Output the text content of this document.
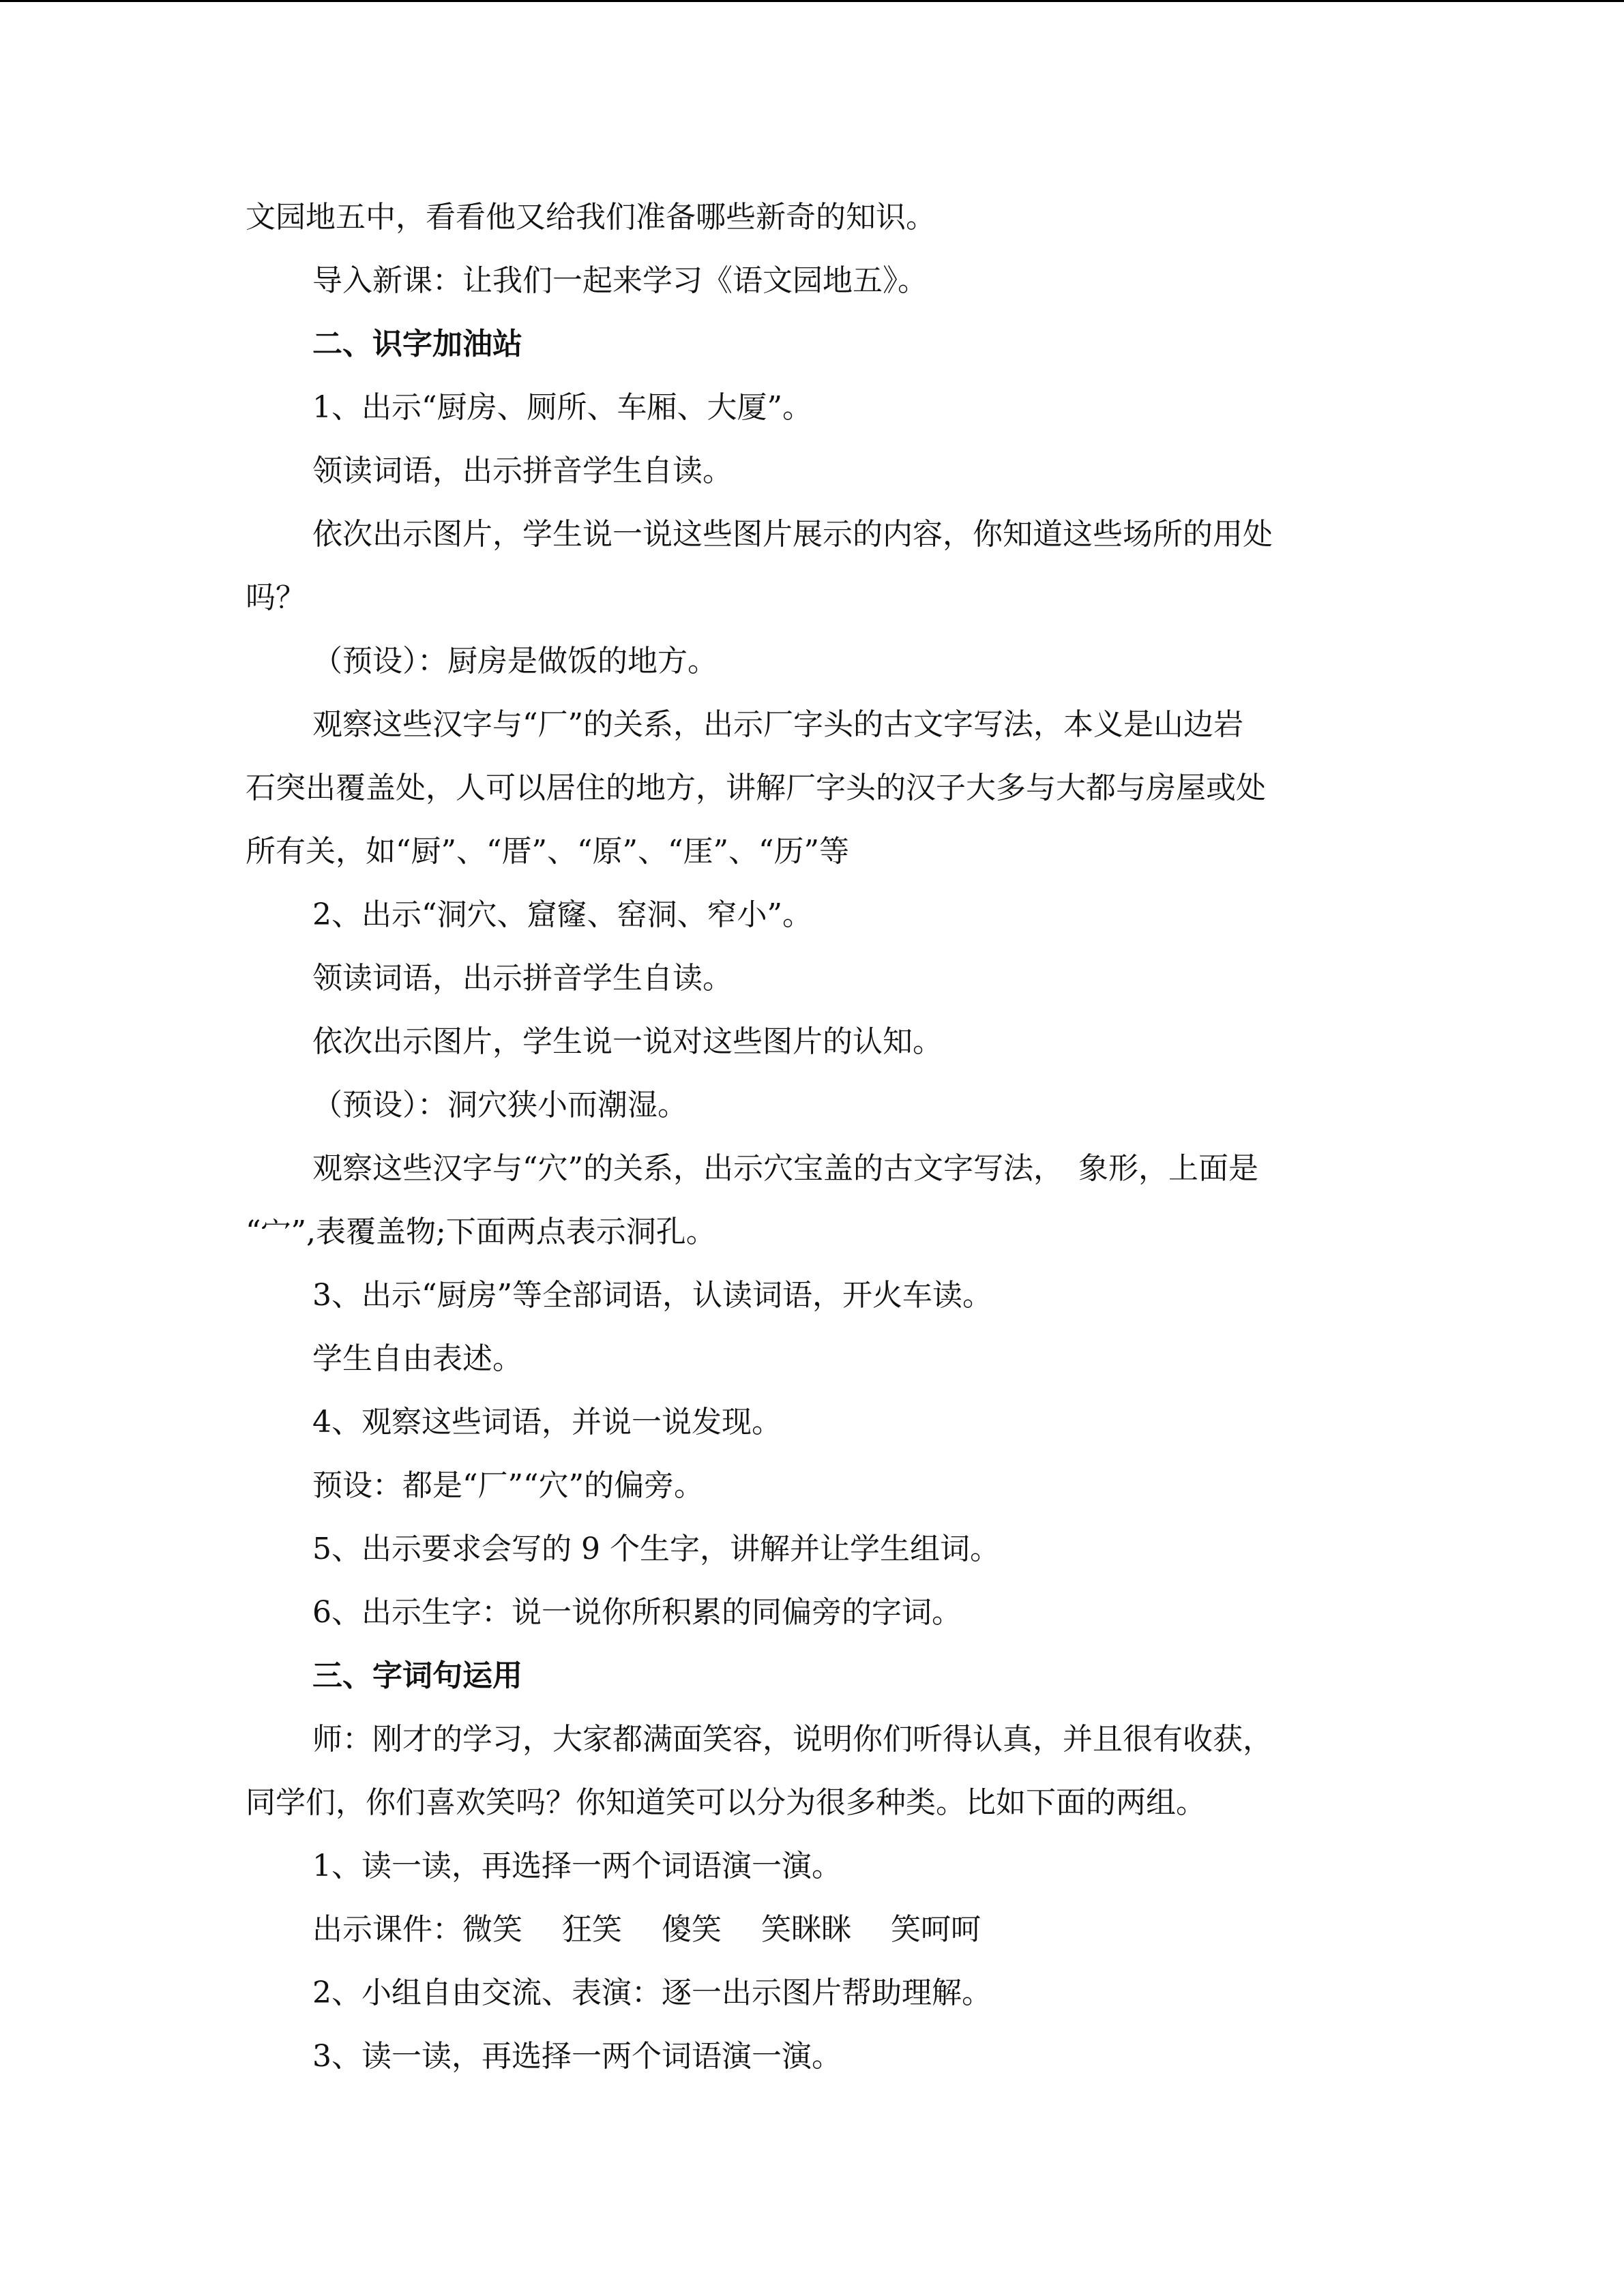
文园地五中，看看他又给我们准备哪些新奇的知识。
导入新课：让我们一起来学习《语文园地五》。
二、识字加油站
1、出示“厨房、厕所、车厢、大厦”。
领读词语，出示拼音学生自读。
依次出示图片，学生说一说这些图片展示的内容，你知道这些场所的用处
吗？
（预设）：厨房是做饭的地方。
观察这些汉字与“厂”的关系，出示厂字头的古文字写法，本义是山边岩
石突出覆盖处，人可以居住的地方，讲解厂字头的汉子大多与大都与房屋或处
所有关，如“厨”、“厝”、“原”、“厓”、“历”等
2、出示“洞穴、窟窿、窑洞、窄小”。
领读词语，出示拼音学生自读。
依次出示图片，学生说一说对这些图片的认知。
（预设）：洞穴狭小而潮湿。
观察这些汉字与“穴”的关系，出示穴宝盖的古文字写法，　象形，上面是
“宀”,表覆盖物;下面两点表示洞孔。
3、出示“厨房”等全部词语，认读词语，开火车读。
学生自由表述。
4、观察这些词语，并说一说发现。
预设：都是“厂”“穴”的偏旁。
5、出示要求会写的 9 个生字，讲解并让学生组词。
6、出示生字：说一说你所积累的同偏旁的字词。
三、字词句运用
师：刚才的学习，大家都满面笑容，说明你们听得认真，并且很有收获，
同学们，你们喜欢笑吗？你知道笑可以分为很多种类。比如下面的两组。
1、读一读，再选择一两个词语演一演。
出示课件：微笑　 狂笑 　傻笑 　笑眯眯　 笑呵呵
2、小组自由交流、表演：逐一出示图片帮助理解。
3、读一读，再选择一两个词语演一演。
